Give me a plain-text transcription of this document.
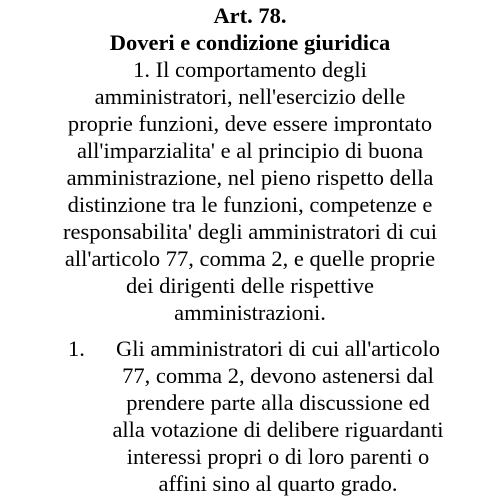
Art. 78.
Doveri e condizione giuridica
1. Il comportamento degli
amministratori, nell'esercizio delle
proprie funzioni, deve essere improntato
all'imparzialita' e al principio di buona
amministrazione, nel pieno rispetto della
distinzione tra le funzioni, competenze e
responsabilita' degli amministratori di cui
all'articolo 77, comma 2, e quelle proprie
dei dirigenti delle rispettive
amministrazioni.
1.	Gli amministratori di cui all'articolo
77, comma 2, devono astenersi dal
prendere parte alla discussione ed
alla votazione di delibere riguardanti
interessi propri o di loro parenti o
affini sino al quarto grado.
